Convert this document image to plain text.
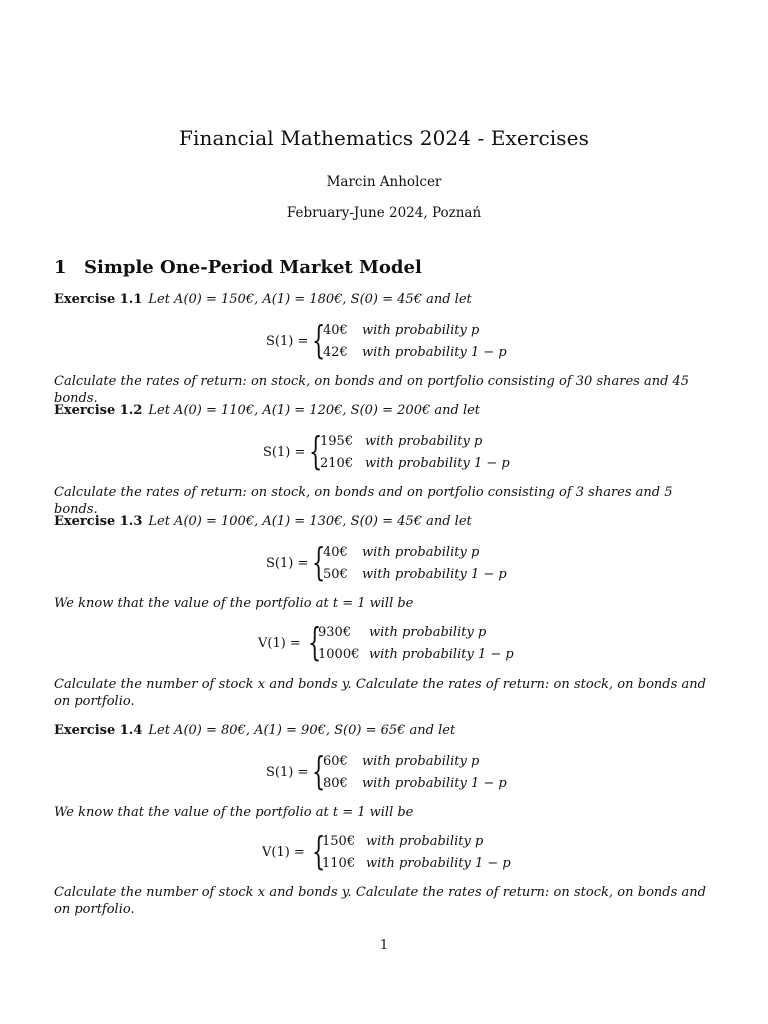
Financial Mathematics 2024 - Exercises
Marcin Anholcer
February-June 2024, Poznań
1 Simple One-Period Market Model
Exercise 1.1 Let A(0) = 150€, A(1) = 180€, S(0) = 45€ and let
S(1) = {
40€ with probability p
42€ with probability 1 − p
Calculate the rates of return: on stock, on bonds and on portfolio consisting of 30 shares and 45 bonds.
Exercise 1.2 Let A(0) = 110€, A(1) = 120€, S(0) = 200€ and let
S(1) = {
195€ with probability p
210€ with probability 1 − p
Calculate the rates of return: on stock, on bonds and on portfolio consisting of 3 shares and 5 bonds.
Exercise 1.3 Let A(0) = 100€, A(1) = 130€, S(0) = 45€ and let
S(1) = {
40€ with probability p
50€ with probability 1 − p
We know that the value of the portfolio at t = 1 will be
V(1) = {
930€ with probability p
1000€ with probability 1 − p
Calculate the number of stock x and bonds y. Calculate the rates of return: on stock, on bonds and on portfolio.
Exercise 1.4 Let A(0) = 80€, A(1) = 90€, S(0) = 65€ and let
S(1) = {
60€ with probability p
80€ with probability 1 − p
We know that the value of the portfolio at t = 1 will be
V(1) = {
150€ with probability p
110€ with probability 1 − p
Calculate the number of stock x and bonds y. Calculate the rates of return: on stock, on bonds and on portfolio.
1
